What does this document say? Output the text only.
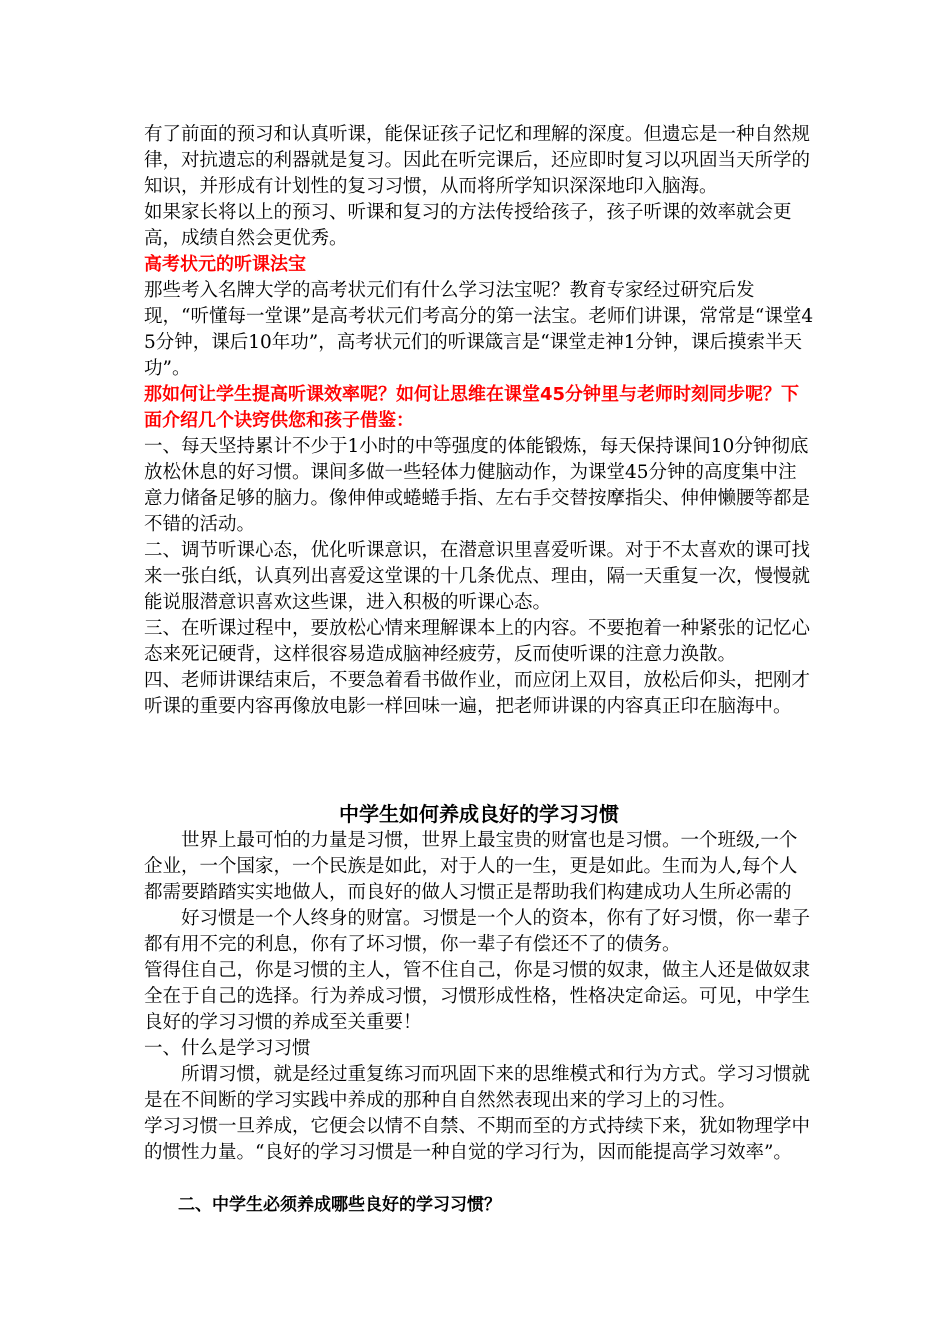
有了前面的预习和认真听课，能保证孩子记忆和理解的深度。但遗忘是一种自然规律，对抗遗忘的利器就是复习。因此在听完课后，还应即时复习以巩固当天所学的知识，并形成有计划性的复习习惯，从而将所学知识深深地印入脑海。

如果家长将以上的预习、听课和复习的方法传授给孩子，孩子听课的效率就会更高，成绩自然会更优秀。

高考状元的听课法宝

那些考入名牌大学的高考状元们有什么学习法宝呢？教育专家经过研究后发现，“听懂每一堂课”是高考状元们考高分的第一法宝。老师们讲课，常常是“课堂45分钟，课后10年功”，高考状元们的听课箴言是“课堂走神1分钟，课后摸索半天功”。

那如何让学生提高听课效率呢？如何让思维在课堂45分钟里与老师时刻同步呢？下面介绍几个诀窍供您和孩子借鉴：

一、每天坚持累计不少于1小时的中等强度的体能锻炼，每天保持课间10分钟彻底放松休息的好习惯。课间多做一些轻体力健脑动作，为课堂45分钟的高度集中注意力储备足够的脑力。像伸伸或蜷蜷手指、左右手交替按摩指尖、伸伸懒腰等都是不错的活动。

二、调节听课心态，优化听课意识，在潜意识里喜爱听课。对于不太喜欢的课可找来一张白纸，认真列出喜爱这堂课的十几条优点、理由，隔一天重复一次，慢慢就能说服潜意识喜欢这些课，进入积极的听课心态。

三、在听课过程中，要放松心情来理解课本上的内容。不要抱着一种紧张的记忆心态来死记硬背，这样很容易造成脑神经疲劳，反而使听课的注意力涣散。

四、老师讲课结束后，不要急着看书做作业，而应闭上双目，放松后仰头，把刚才听课的重要内容再像放电影一样回味一遍，把老师讲课的内容真正印在脑海中。

中学生如何养成良好的学习习惯

世界上最可怕的力量是习惯，世界上最宝贵的财富也是习惯。一个班级,一个企业，一个国家，一个民族是如此，对于人的一生，更是如此。生而为人,每个人都需要踏踏实实地做人，而良好的做人习惯正是帮助我们构建成功人生所必需的

好习惯是一个人终身的财富。习惯是一个人的资本，你有了好习惯，你一辈子都有用不完的利息，你有了坏习惯，你一辈子有偿还不了的债务。

管得住自己，你是习惯的主人，管不住自己，你是习惯的奴隶，做主人还是做奴隶全在于自己的选择。行为养成习惯，习惯形成性格，性格决定命运。可见，中学生良好的学习习惯的养成至关重要！

一、什么是学习习惯

所谓习惯，就是经过重复练习而巩固下来的思维模式和行为方式。学习习惯就是在不间断的学习实践中养成的那种自自然然表现出来的学习上的习性。

学习习惯一旦养成，它便会以情不自禁、不期而至的方式持续下来，犹如物理学中的惯性力量。“良好的学习习惯是一种自觉的学习行为，因而能提高学习效率”。

二、中学生必须养成哪些良好的学习习惯？
